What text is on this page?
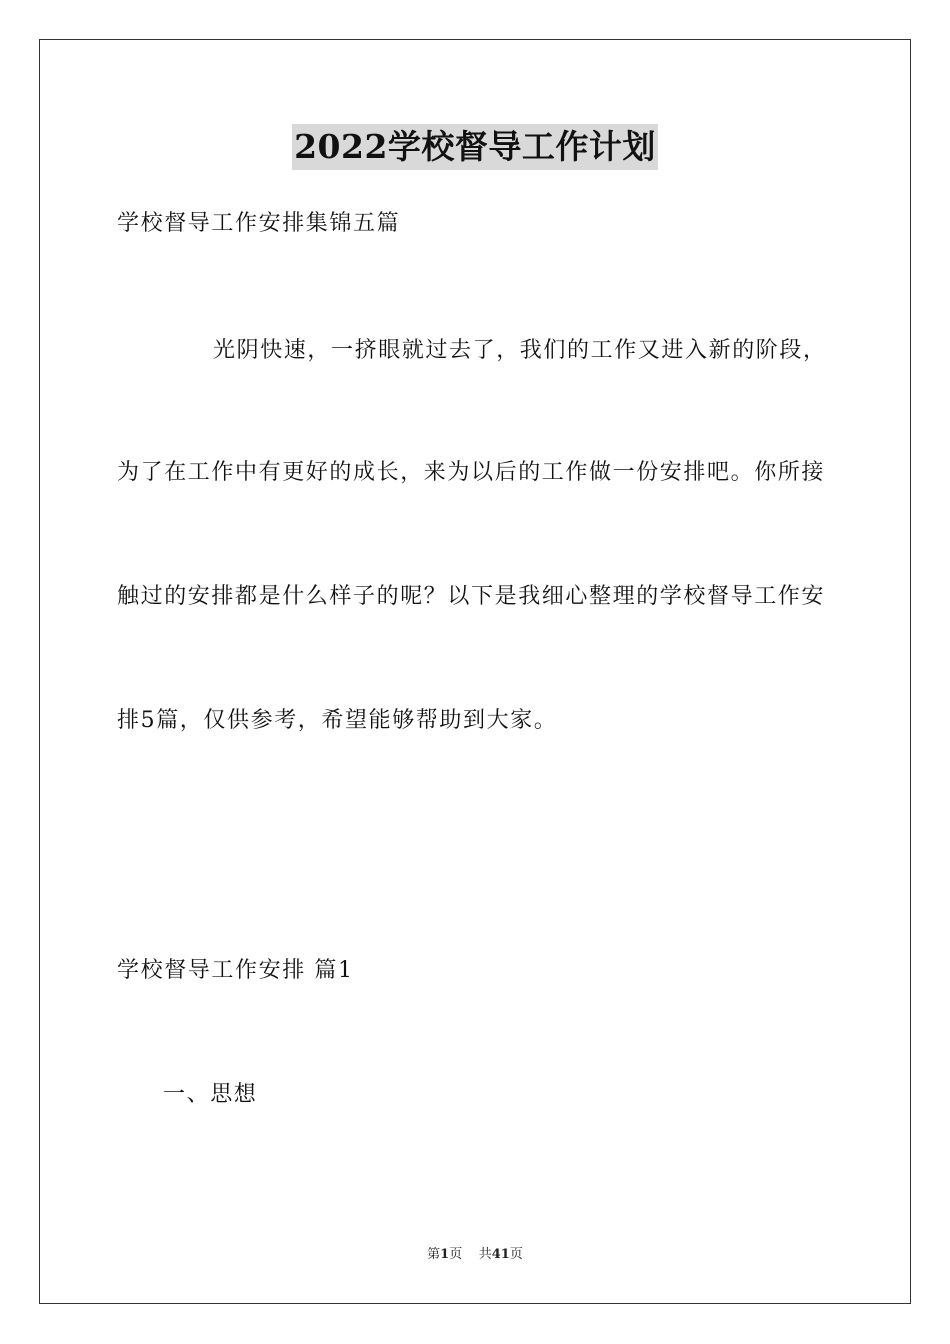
2022学校督导工作计划
学校督导工作安排集锦五篇
光阴快速，一挤眼就过去了，我们的工作又进入新的阶段，
为了在工作中有更好的成长，来为以后的工作做一份安排吧。你所接
触过的安排都是什么样子的呢？以下是我细心整理的学校督导工作安
排5篇，仅供参考，希望能够帮助到大家。
学校督导工作安排 篇1
一、思想
第1页 共41页
